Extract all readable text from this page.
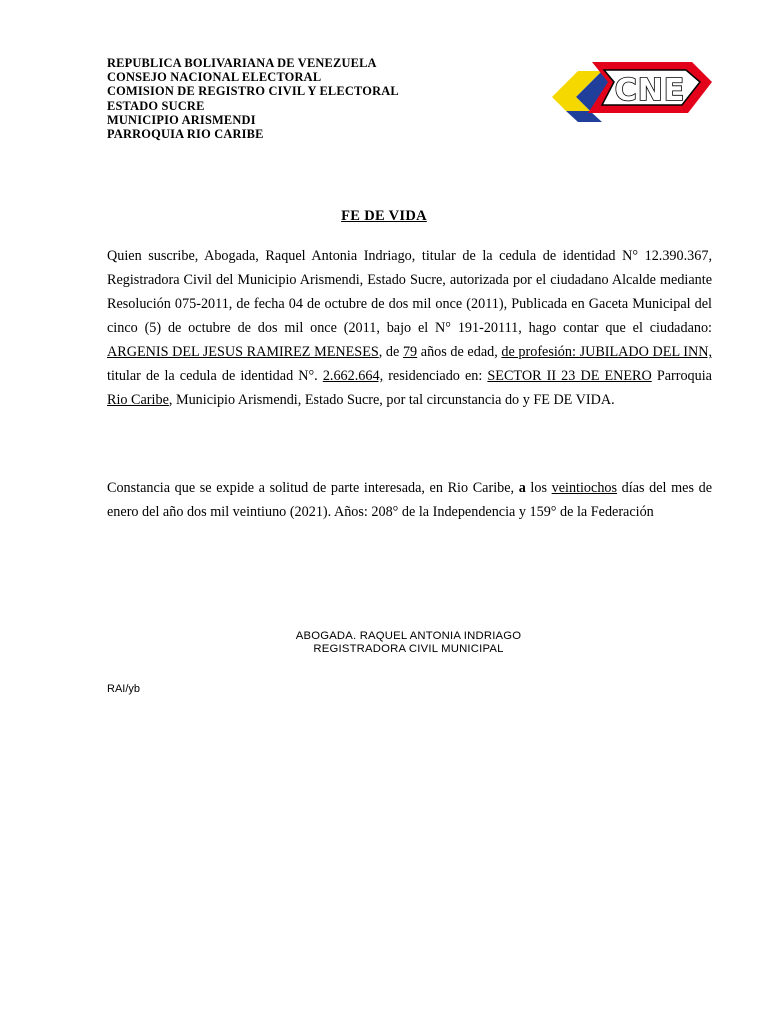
REPUBLICA BOLIVARIANA DE VENEZUELA
CONSEJO NACIONAL ELECTORAL
COMISION DE REGISTRO CIVIL Y ELECTORAL
ESTADO SUCRE
MUNICIPIO ARISMENDI
PARROQUIA RIO CARIBE
CNE
FE DE VIDA
Quien suscribe, Abogada, Raquel Antonia Indriago, titular de la cedula de identidad N° 12.390.367, Registradora Civil del Municipio Arismendi, Estado Sucre, autorizada por el ciudadano Alcalde mediante Resolución 075-2011, de fecha 04 de octubre de dos mil once (2011), Publicada en Gaceta Municipal del cinco (5) de octubre de dos mil once (2011, bajo el N° 191-20111, hago contar que el ciudadano: ARGENIS DEL JESUS RAMIREZ MENESES, de 79 años de edad, de profesión: JUBILADO DEL INN, titular de la cedula de identidad N°. 2.662.664, residenciado en: SECTOR II 23 DE ENERO Parroquia Rio Caribe, Municipio Arismendi, Estado Sucre, por tal circunstancia do y FE DE VIDA.
Constancia que se expide a solitud de parte interesada, en Rio Caribe, a los veintiochos días del mes de enero del año dos mil veintiuno (2021). Años: 208° de la Independencia y 159° de la Federación
ABOGADA. RAQUEL ANTONIA INDRIAGO
REGISTRADORA CIVIL MUNICIPAL
RAI/yb
